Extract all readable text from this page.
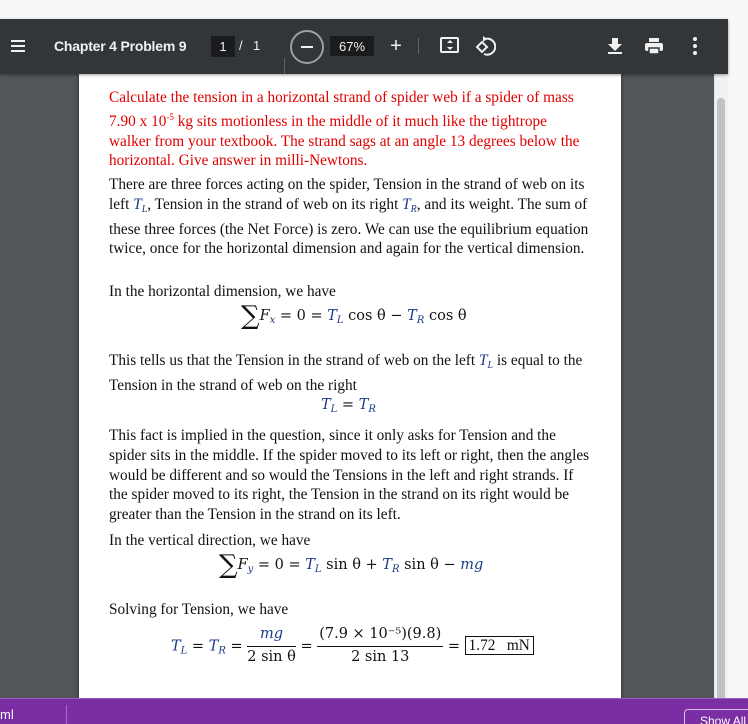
Chapter 4 Problem 9	1 / 1	67%	+

Calculate the tension in a horizontal strand of spider web if a spider of mass 7.90 x $10^{-5}$ kg sits motionless in the middle of it much like the tightrope walker from your textbook. The strand sags at an angle 13 degrees below the horizontal. Give answer in milli-Newtons.

There are three forces acting on the spider, Tension in the strand of web on its left $T_L$, Tension in the strand of web on its right $T_R$, and its weight. The sum of these three forces (the Net Force) is zero. We can use the equilibrium equation twice, once for the horizontal dimension and again for the vertical dimension.

In the horizontal dimension, we have

$\sum F_x = 0 = T_L$ $\cos \theta - T_R$ cos θ

This tells us that the Tension in the strand of web on the left $T_L$ is equal to the Tension in the strand of web on the right

$T_L = T_R$

This fact is implied in the question, since it only asks for Tension and the spider sits in the middle. If the spider moved to its left or right, then the angles would be different and so would the Tensions in the left and right strands. If the spider moved to its right, the Tension in the strand on its right would be greater than the Tension in the strand on its left.

In the vertical direction, we have

$\sum F_y = 0 = T_L$ $\sin \theta + T_R$ sin θ − mg

Solving for Tension, we have

$T_L = T_R = \frac{mg}{\text{2 sin θ}} = \frac{\text{(7.9 × 10⁻⁵)(9.8)}}{2 \sin 13} = 1.72$   mN
ml	Show All
